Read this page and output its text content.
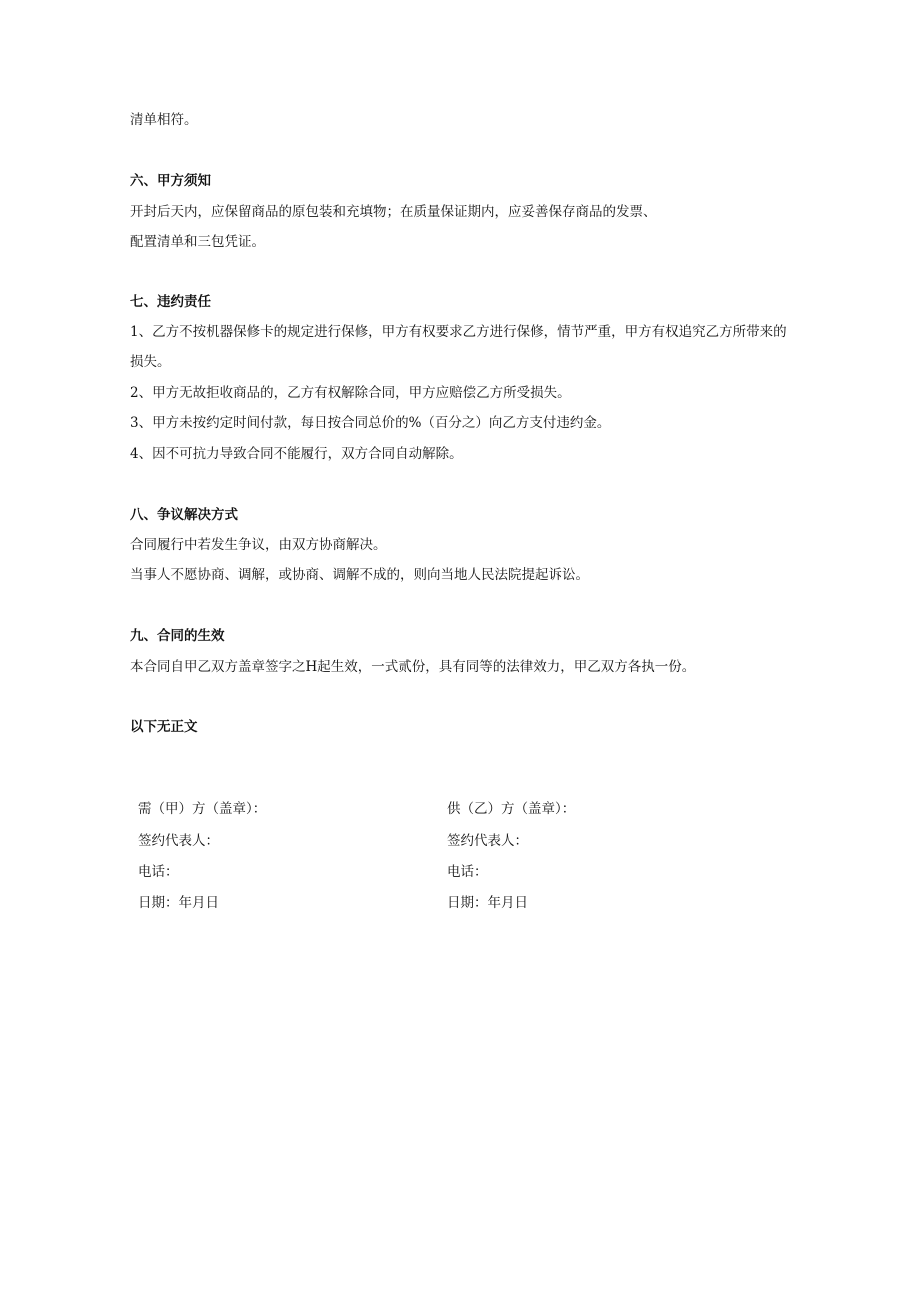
清单相符。
六、甲方须知
开封后天内，应保留商品的原包装和充填物；在质量保证期内，应妥善保存商品的发票、
配置清单和三包凭证。
七、违约责任
1、乙方不按机器保修卡的规定进行保修，甲方有权要求乙方进行保修，情节严重，甲方有权追究乙方所带来的
损失。
2、甲方无故拒收商品的，乙方有权解除合同，甲方应赔偿乙方所受损失。
3、甲方未按约定时间付款，每日按合同总价的%（百分之）向乙方支付违约金。
4、因不可抗力导致合同不能履行，双方合同自动解除。
八、争议解决方式
合同履行中若发生争议，由双方协商解决。
当事人不愿协商、调解，或协商、调解不成的，则向当地人民法院提起诉讼。
九、合同的生效
本合同自甲乙双方盖章签字之H起生效，一式贰份，具有同等的法律效力，甲乙双方各执一份。
以下无正文
需（甲）方（盖章）：
签约代表人：
电话：
日期：年月日
供（乙）方（盖章）：
签约代表人：
电话：
日期：年月日
